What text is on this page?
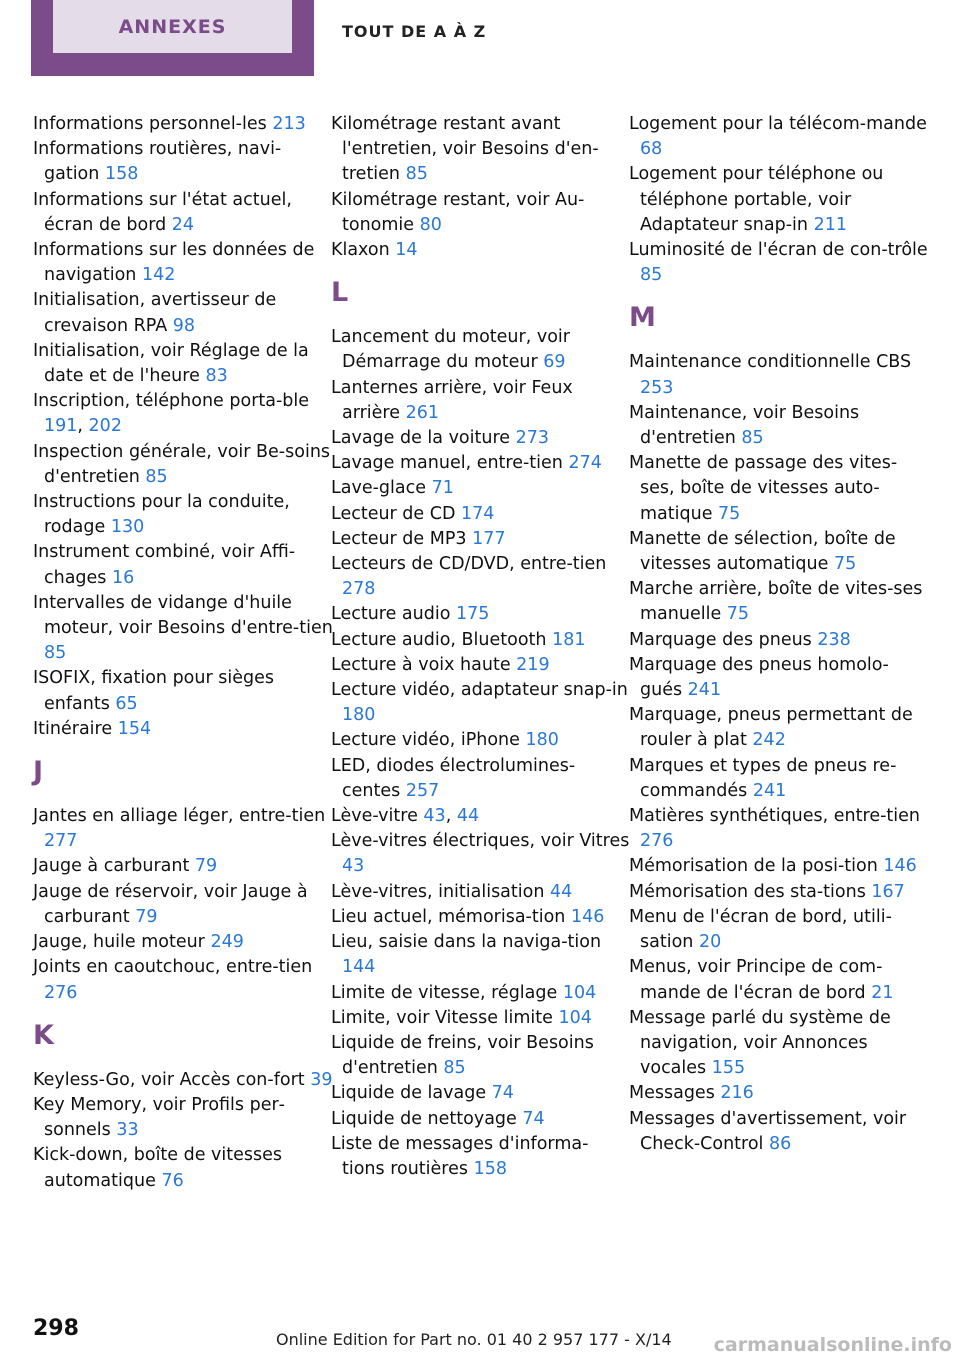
ANNEXES	TOUT DE A À Z
Informations personnel‐les 213
Informations routières, navi‐gation 158
Informations sur l'état actuel, écran de bord 24
Informations sur les données de navigation 142
Initialisation, avertisseur de crevaison RPA 98
Initialisation, voir Réglage de la date et de l'heure 83
Inscription, téléphone porta‐ble 191, 202
Inspection générale, voir Be‐soins d'entretien 85
Instructions pour la conduite, rodage 130
Instrument combiné, voir Affi‐chages 16
Intervalles de vidange d'huile moteur, voir Besoins d'entre‐tien 85
ISOFIX, fixation pour sièges enfants 65
Itinéraire 154
J
Jantes en alliage léger, entre‐tien 277
Jauge à carburant 79
Jauge de réservoir, voir Jauge à carburant 79
Jauge, huile moteur 249
Joints en caoutchouc, entre‐tien 276
K
Keyless-Go, voir Accès con‐fort 39
Key Memory, voir Profils per‐sonnels 33
Kick-down, boîte de vitesses automatique 76
Kilométrage restant avant l'entretien, voir Besoins d'en‐tretien 85
Kilométrage restant, voir Au‐tonomie 80
Klaxon 14
L
Lancement du moteur, voir Démarrage du moteur 69
Lanternes arrière, voir Feux arrière 261
Lavage de la voiture 273
Lavage manuel, entre‐tien 274
Lave-glace 71
Lecteur de CD 174
Lecteur de MP3 177
Lecteurs de CD/DVD, entre‐tien 278
Lecture audio 175
Lecture audio, Bluetooth 181
Lecture à voix haute 219
Lecture vidéo, adaptateur snap-in 180
Lecture vidéo, iPhone 180
LED, diodes électrolumines‐centes 257
Lève-vitre 43, 44
Lève-vitres électriques, voir Vitres 43
Lève-vitres, initialisation 44
Lieu actuel, mémorisa‐tion 146
Lieu, saisie dans la naviga‐tion 144
Limite de vitesse, réglage 104
Limite, voir Vitesse limite 104
Liquide de freins, voir Besoins d'entretien 85
Liquide de lavage 74
Liquide de nettoyage 74
Liste de messages d'informa‐tions routières 158
Logement pour la télécom‐mande 68
Logement pour téléphone ou téléphone portable, voir Adaptateur snap-in 211
Luminosité de l'écran de con‐trôle 85
M
Maintenance conditionnelle CBS 253
Maintenance, voir Besoins d'entretien 85
Manette de passage des vites‐ses, boîte de vitesses auto‐matique 75
Manette de sélection, boîte de vitesses automatique 75
Marche arrière, boîte de vites‐ses manuelle 75
Marquage des pneus 238
Marquage des pneus homolo‐gués 241
Marquage, pneus permettant de rouler à plat 242
Marques et types de pneus re‐commandés 241
Matières synthétiques, entre‐tien 276
Mémorisation de la posi‐tion 146
Mémorisation des sta‐tions 167
Menu de l'écran de bord, utili‐sation 20
Menus, voir Principe de com‐mande de l'écran de bord 21
Message parlé du système de navigation, voir Annonces vocales 155
Messages 216
Messages d'avertissement, voir Check-Control 86
298	Online Edition for Part no. 01 40 2 957 177 - X/14 carmanualsonline.info
